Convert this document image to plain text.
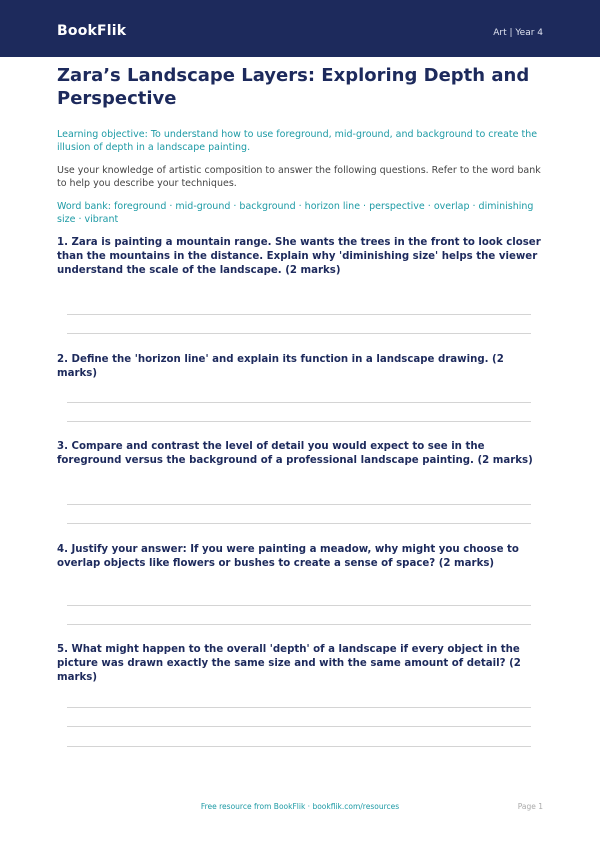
BookFlik	Art | Year 4
Zara’s Landscape Layers: Exploring Depth and Perspective
Learning objective: To understand how to use foreground, mid-ground, and background to create the illusion of depth in a landscape painting.
Use your knowledge of artistic composition to answer the following questions. Refer to the word bank to help you describe your techniques.
Word bank: foreground · mid-ground · background · horizon line · perspective · overlap · diminishing size · vibrant
1. Zara is painting a mountain range. She wants the trees in the front to look closer than the mountains in the distance. Explain why 'diminishing size' helps the viewer understand the scale of the landscape. (2 marks)
2. Define the 'horizon line' and explain its function in a landscape drawing. (2 marks)
3. Compare and contrast the level of detail you would expect to see in the foreground versus the background of a professional landscape painting. (2 marks)
4. Justify your answer: If you were painting a meadow, why might you choose to overlap objects like flowers or bushes to create a sense of space? (2 marks)
5. What might happen to the overall 'depth' of a landscape if every object in the picture was drawn exactly the same size and with the same amount of detail? (2 marks)
Free resource from BookFlik · bookflik.com/resources	Page 1
